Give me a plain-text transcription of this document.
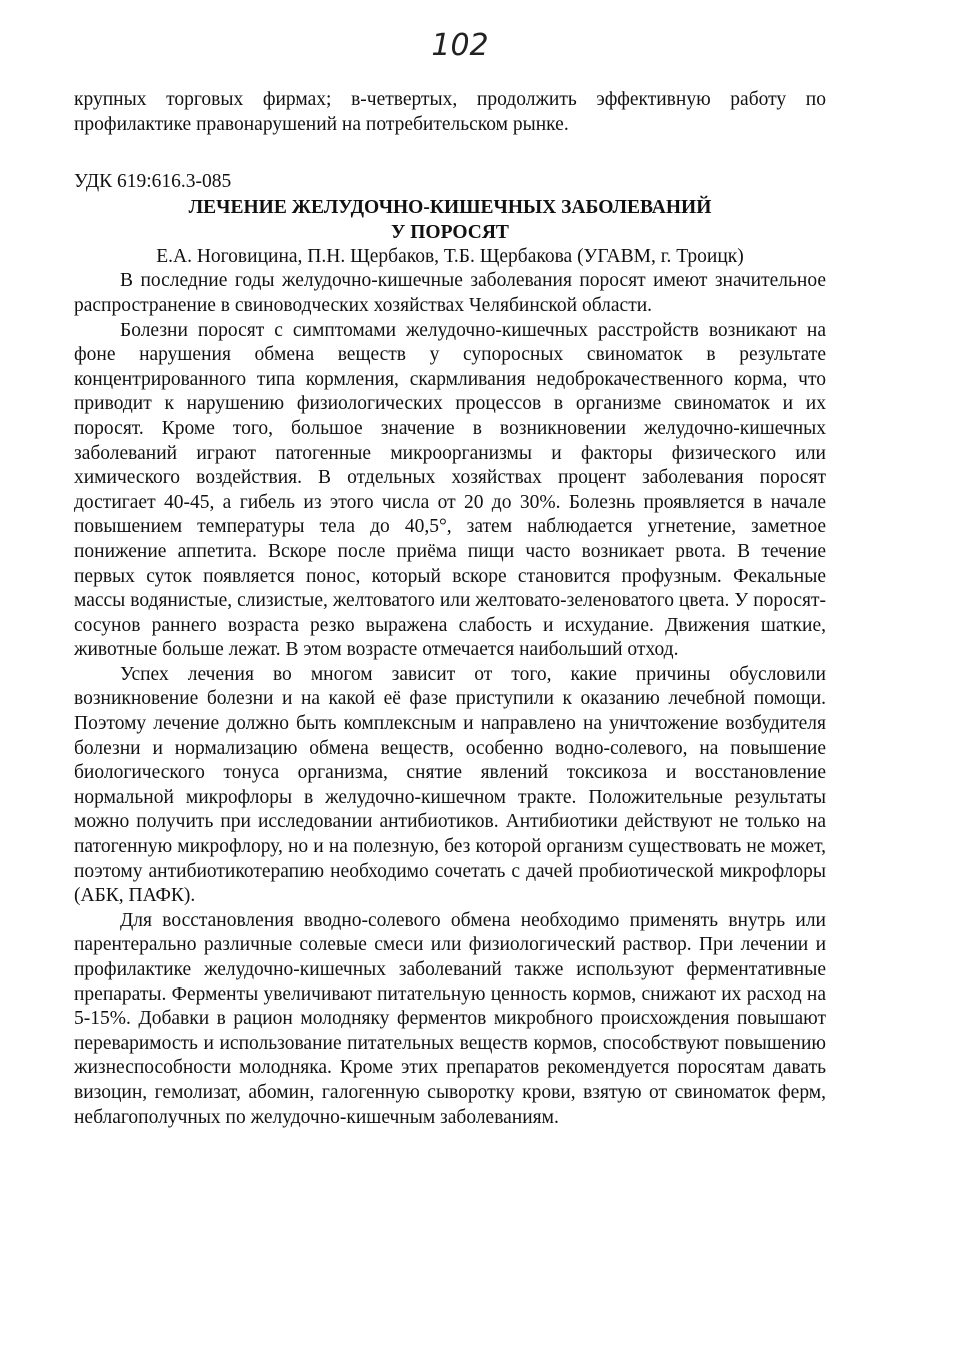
102

крупных торговых фирмах; в-четвертых, продолжить эффективную работу по профилактике правонарушений на потребительском рынке.

УДК 619:616.3-085

ЛЕЧЕНИЕ ЖЕЛУДОЧНО-КИШЕЧНЫХ ЗАБОЛЕВАНИЙ

У ПОРОСЯТ

Е.А. Ноговицина, П.Н. Щербаков, Т.Б. Щербакова (УГАВМ, г. Троицк)

В последние годы желудочно-кишечные заболевания поросят имеют значительное распространение в свиноводческих хозяйствах Челябинской области.

Болезни поросят с симптомами желудочно-кишечных расстройств возникают на фоне нарушения обмена веществ у супоросных свиноматок в результате концентрированного типа кормления, скармливания недоброкачественного корма, что приводит к нарушению физиологических процессов в организме свиноматок и их поросят. Кроме того, большое значение в возникновении желудочно-кишечных заболеваний играют патогенные микроорганизмы и факторы физического или химического воздействия. В отдельных хозяйствах процент заболевания поросят достигает 40-45, а гибель из этого числа от 20 до 30%. Болезнь проявляется в начале повышением температуры тела до 40,5°, затем наблюдается угнетение, заметное понижение аппетита. Вскоре после приёма пищи часто возникает рвота. В течение первых суток появляется понос, который вскоре становится профузным. Фекальные массы водянистые, слизистые, желтоватого или желтовато-зеленоватого цвета. У поросят-сосунов раннего возраста резко выражена слабость и исхудание. Движения шаткие, животные больше лежат. В этом возрасте отмечается наибольший отход.

Успех лечения во многом зависит от того, какие причины обусловили возникновение болезни и на какой её фазе приступили к оказанию лечебной помощи. Поэтому лечение должно быть комплексным и направлено на уничтожение возбудителя болезни и нормализацию обмена веществ, особенно водно-солевого, на повышение биологического тонуса организма, снятие явлений токсикоза и восстановление нормальной микрофлоры в желудочно-кишечном тракте. Положительные результаты можно получить при исследовании антибиотиков. Антибиотики действуют не только на патогенную микрофлору, но и на полезную, без которой организм существовать не может, поэтому антибиотикотерапию необходимо сочетать с дачей пробиотической микрофлоры (АБК, ПАФК).

Для восстановления вводно-солевого обмена необходимо применять внутрь или парентерально различные солевые смеси или физиологический раствор. При лечении и профилактике желудочно-кишечных заболеваний также используют ферментативные препараты. Ферменты увеличивают питательную ценность кормов, снижают их расход на 5-15%. Добавки в рацион молодняку ферментов микробного происхождения повышают переваримость и использование питательных веществ кормов, способствуют повышению жизнеспособности молодняка. Кроме этих препаратов рекомендуется поросятам давать визоцин, гемолизат, абомин, галогенную сыворотку крови, взятую от свиноматок ферм, неблагополучных по желудочно-кишечным заболеваниям.
